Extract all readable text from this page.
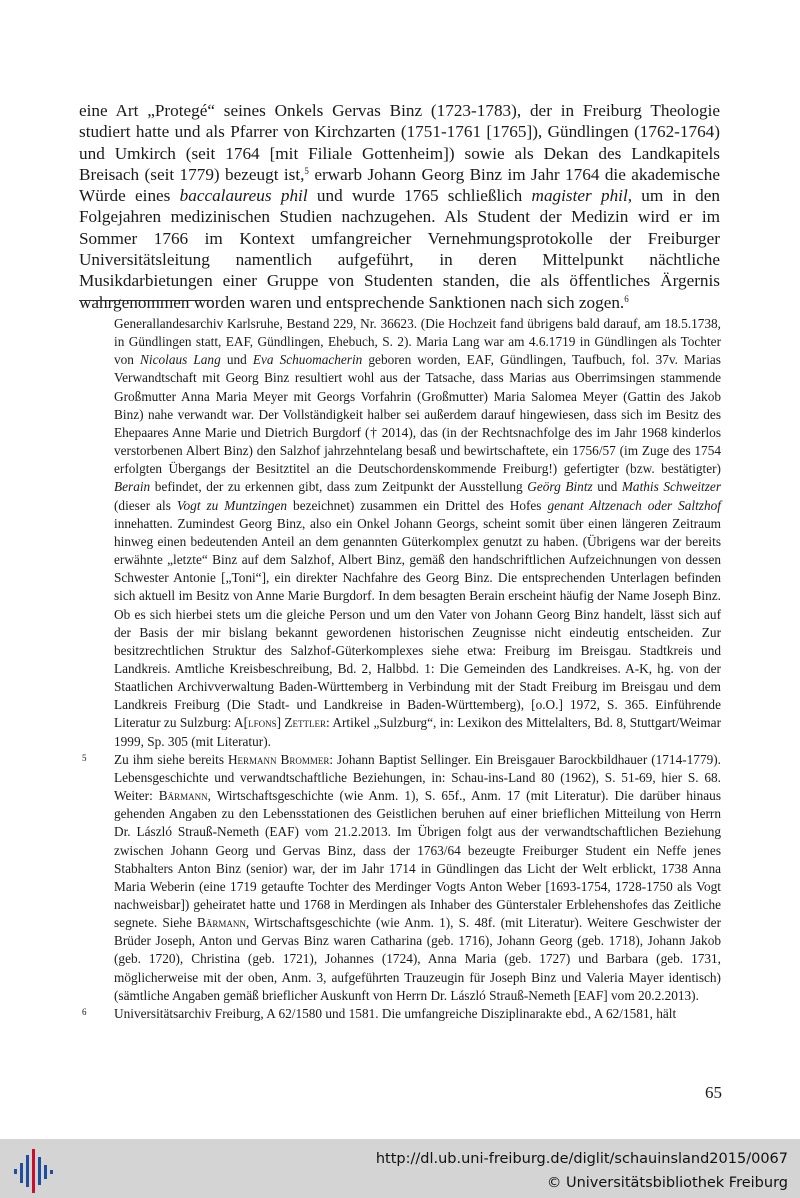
eine Art „Protegé“ seines Onkels Gervas Binz (1723-1783), der in Freiburg Theologie studiert hatte und als Pfarrer von Kirchzarten (1751-1761 [1765]), Gündlingen (1762-1764) und Umkirch (seit 1764 [mit Filiale Gottenheim]) sowie als Dekan des Landkapitels Breisach (seit 1779) bezeugt ist,$^5$ erwarb Johann Georg Binz im Jahr 1764 die akademische Würde eines baccalaureus phil und wurde 1765 schließlich magister phil, um in den Folgejahren medizinischen Studien nachzugehen. Als Student der Medizin wird er im Sommer 1766 im Kontext umfangreicher Vernehmungsprotokolle der Freiburger Universitätsleitung namentlich aufgeführt, in deren Mittelpunkt nächtliche Musikdarbietungen einer Gruppe von Studenten standen, die als öffentliches Ärgernis wahrgenommen worden waren und entsprechende Sanktionen nach sich zogen.$^6$
Generallandesarchiv Karlsruhe, Bestand 229, Nr. 36623. (Die Hochzeit fand übrigens bald darauf, am 18.5.1738, in Gündlingen statt, EAF, Gündlingen, Ehebuch, S. 2). Maria Lang war am 4.6.1719 in Gündlingen als Tochter von Nicolaus Lang und Eva Schuomacherin geboren worden, EAF, Gündlingen, Taufbuch, fol. 37v. Marias Verwandtschaft mit Georg Binz resultiert wohl aus der Tatsache, dass Marias aus Oberrimsingen stammende Großmutter Anna Maria Meyer mit Georgs Vorfahrin (Großmutter) Maria Salomea Meyer (Gattin des Jakob Binz) nahe verwandt war. Der Vollständigkeit halber sei außerdem darauf hingewiesen, dass sich im Besitz des Ehepaares Anne Marie und Dietrich Burgdorf († 2014), das (in der Rechtsnachfolge des im Jahr 1968 kinderlos verstorbenen Albert Binz) den Salzhof jahrzehntelang besaß und bewirtschaftete, ein 1756/57 (im Zuge des 1754 erfolgten Übergangs der Besitztitel an die Deutschordenskommende Freiburg!) gefertigter (bzw. bestätigter) Berain befindet, der zu erkennen gibt, dass zum Zeitpunkt der Ausstellung Geörg Bintz und Mathis Schweitzer (dieser als Vogt zu Muntzingen bezeichnet) zusammen ein Drittel des Hofes genant Altzenach oder Saltzhof innehatten. Zumindest Georg Binz, also ein Onkel Johann Georgs, scheint somit über einen längeren Zeitraum hinweg einen bedeutenden Anteil an dem genannten Güterkomplex genutzt zu haben. (Übrigens war der bereits erwähnte „letzte“ Binz auf dem Salzhof, Albert Binz, gemäß den handschriftlichen Aufzeichnungen von dessen Schwester Antonie [„Toni“], ein direkter Nachfahre des Georg Binz. Die entsprechenden Unterlagen befinden sich aktuell im Besitz von Anne Marie Burgdorf. In dem besagten Berain erscheint häufig der Name Joseph Binz. Ob es sich hierbei stets um die gleiche Person und um den Vater von Johann Georg Binz handelt, lässt sich auf der Basis der mir bislang bekannt gewordenen historischen Zeugnisse nicht eindeutig entscheiden. Zur besitzrechtlichen Struktur des Salzhof-Güterkomplexes siehe etwa: Freiburg im Breisgau. Stadtkreis und Landkreis. Amtliche Kreisbeschreibung, Bd. 2, Halbbd. 1: Die Gemeinden des Landkreises. A-K, hg. von der Staatlichen Archivverwaltung Baden-Württemberg in Verbindung mit der Stadt Freiburg im Breisgau und dem Landkreis Freiburg (Die Stadt- und Landkreise in Baden-Württemberg), [o.O.] 1972, S. 365. Einführende Literatur zu Sulzburg: A[lfons] Zettler: Artikel „Sulzburg“, in: Lexikon des Mittelalters, Bd. 8, Stuttgart/Weimar 1999, Sp. 305 (mit Literatur).
5 Zu ihm siehe bereits Hermann Brommer: Johann Baptist Sellinger. Ein Breisgauer Barockbildhauer (1714-1779). Lebensgeschichte und verwandtschaftliche Beziehungen, in: Schau-ins-Land 80 (1962), S. 51-69, hier S. 68. Weiter: Bärmann, Wirtschaftsgeschichte (wie Anm. 1), S. 65f., Anm. 17 (mit Literatur). Die darüber hinaus gehenden Angaben zu den Lebensstationen des Geistlichen beruhen auf einer brieflichen Mitteilung von Herrn Dr. László Strauß-Nemeth (EAF) vom 21.2.2013. Im Übrigen folgt aus der verwandtschaftlichen Beziehung zwischen Johann Georg und Gervas Binz, dass der 1763/64 bezeugte Freiburger Student ein Neffe jenes Stabhalters Anton Binz (senior) war, der im Jahr 1714 in Gündlingen das Licht der Welt erblickt, 1738 Anna Maria Weberin (eine 1719 getaufte Tochter des Merdinger Vogts Anton Weber [1693-1754, 1728-1750 als Vogt nachweisbar]) geheiratet hatte und 1768 in Merdingen als Inhaber des Günterstaler Erblehenshofes das Zeitliche segnete. Siehe Bärmann, Wirtschaftsgeschichte (wie Anm. 1), S. 48f. (mit Literatur). Weitere Geschwister der Brüder Joseph, Anton und Gervas Binz waren Catharina (geb. 1716), Johann Georg (geb. 1718), Johann Jakob (geb. 1720), Christina (geb. 1721), Johannes (1724), Anna Maria (geb. 1727) und Barbara (geb. 1731, möglicherweise mit der oben, Anm. 3, aufgeführten Trauzeugin für Joseph Binz und Valeria Mayer identisch) (sämtliche Angaben gemäß brieflicher Auskunft von Herrn Dr. László Strauß-Nemeth [EAF] vom 20.2.2013).
6 Universitätsarchiv Freiburg, A 62/1580 und 1581. Die umfangreiche Disziplinarakte ebd., A 62/1581, hält
65
http://dl.ub.uni-freiburg.de/diglit/schauinsland2015/0067
© Universitätsbibliothek Freiburg
